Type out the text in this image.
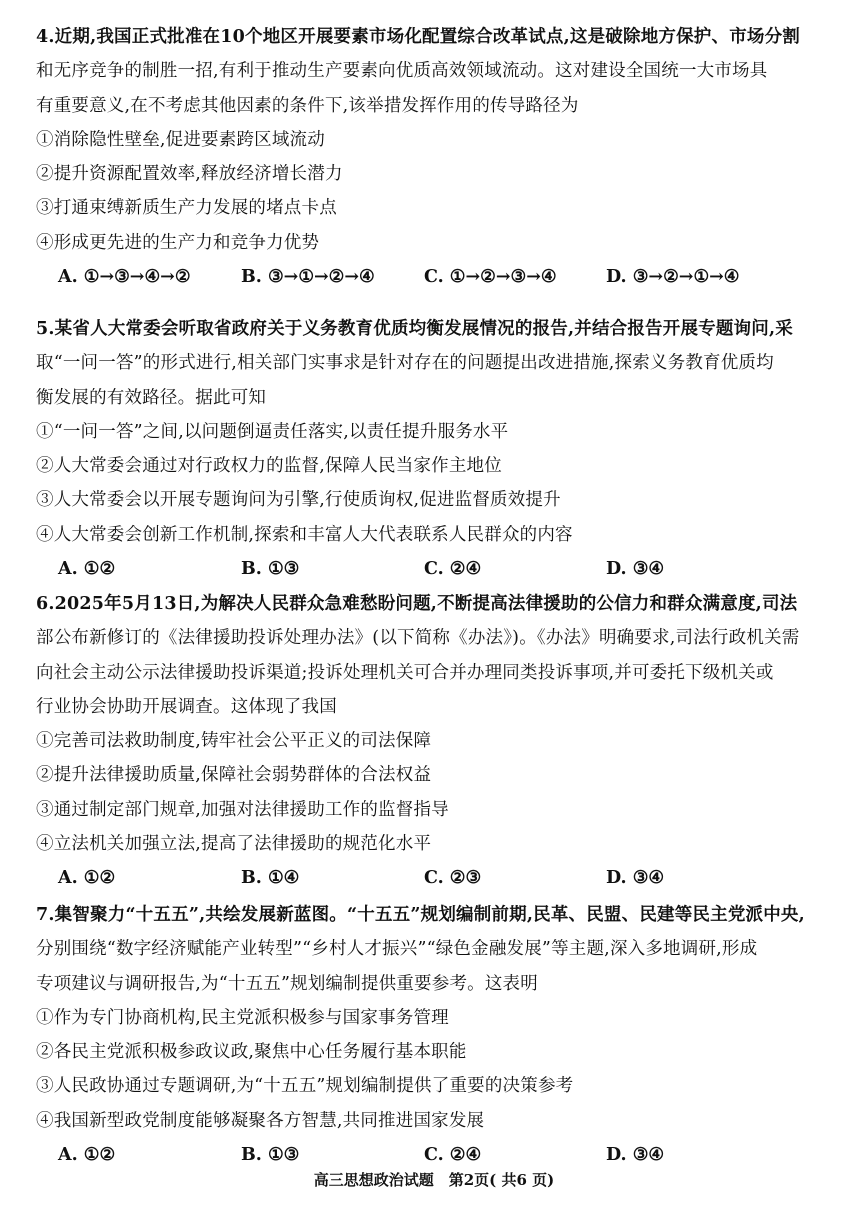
4.近期,我国正式批准在10个地区开展要素市场化配置综合改革试点,这是破除地方保护、市场分割
和无序竞争的制胜一招,有利于推动生产要素向优质高效领域流动。这对建设全国统一大市场具
有重要意义,在不考虑其他因素的条件下,该举措发挥作用的传导路径为
①消除隐性壁垒,促进要素跨区域流动
②提升资源配置效率,释放经济增长潜力
③打通束缚新质生产力发展的堵点卡点
④形成更先进的生产力和竞争力优势
A. ①→③→④→②	B. ③→①→②→④	C. ①→②→③→④	D. ③→②→①→④
5.某省人大常委会听取省政府关于义务教育优质均衡发展情况的报告,并结合报告开展专题询问,采
取“一问一答”的形式进行,相关部门实事求是针对存在的问题提出改进措施,探索义务教育优质均
衡发展的有效路径。据此可知
①“一问一答”之间,以问题倒逼责任落实,以责任提升服务水平
②人大常委会通过对行政权力的监督,保障人民当家作主地位
③人大常委会以开展专题询问为引擎,行使质询权,促进监督质效提升
④人大常委会创新工作机制,探索和丰富人大代表联系人民群众的内容
A. ①②	B. ①③	C. ②④	D. ③④
6.2025年5月13日,为解决人民群众急难愁盼问题,不断提高法律援助的公信力和群众满意度,司法
部公布新修订的《法律援助投诉处理办法》(以下简称《办法》)。《办法》明确要求,司法行政机关需
向社会主动公示法律援助投诉渠道;投诉处理机关可合并办理同类投诉事项,并可委托下级机关或
行业协会协助开展调查。这体现了我国
①完善司法救助制度,铸牢社会公平正义的司法保障
②提升法律援助质量,保障社会弱势群体的合法权益
③通过制定部门规章,加强对法律援助工作的监督指导
④立法机关加强立法,提高了法律援助的规范化水平
A. ①②	B. ①④	C. ②③	D. ③④
7.集智聚力“十五五”,共绘发展新蓝图。“十五五”规划编制前期,民革、民盟、民建等民主党派中央,
分别围绕“数字经济赋能产业转型”“乡村人才振兴”“绿色金融发展”等主题,深入多地调研,形成
专项建议与调研报告,为“十五五”规划编制提供重要参考。这表明
①作为专门协商机构,民主党派积极参与国家事务管理
②各民主党派积极参政议政,聚焦中心任务履行基本职能
③人民政协通过专题调研,为“十五五”规划编制提供了重要的决策参考
④我国新型政党制度能够凝聚各方智慧,共同推进国家发展
A. ①②	B. ①③	C. ②④	D. ③④
高三思想政治试题　第2页( 共6 页)
